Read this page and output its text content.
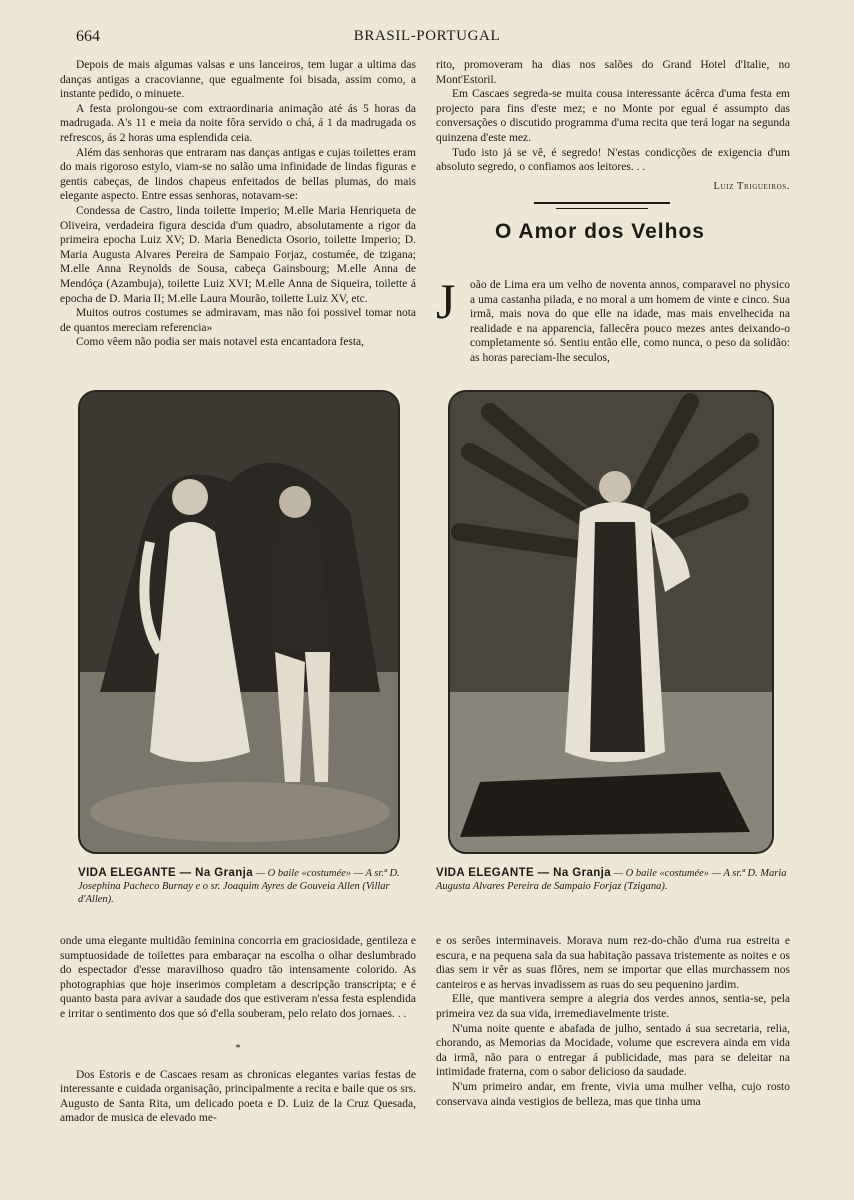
664	BRASIL-PORTUGAL

Depois de mais algumas valsas e uns lanceiros, tem lugar a ultima das danças antigas a cracovianne, que egualmente foi bisada, assim como, a instante pedido, o minuete.

A festa prolongou-se com extraordinaria animação até ás 5 horas da madrugada. A's 11 e meia da noite fôra servido o chá, á 1 da madrugada os refrescos, ás 2 horas uma esplendida ceia.

Além das senhoras que entraram nas danças antigas e cujas toilettes eram do mais rigoroso estylo, viam-se no salão uma infinidade de lindas figuras e gentis cabeças, de lindos chapeus enfeitados de bellas plumas, do mais elegante aspecto. Entre essas senhoras, notavam-se:

Condessa de Castro, linda toilette Imperio; M.elle Maria Henriqueta de Oliveira, verdadeira figura descida d'um quadro, absolutamente a rigor da primeira epocha Luiz XV; D. Maria Benedicta Osorio, toilette Imperio; D. Maria Augusta Alvares Pereira de Sampaio Forjaz, costumée, de tzigana; M.elle Anna Reynolds de Sousa, cabeça Gainsbourg; M.elle Anna de Mendóça (Azambuja), toilette Luiz XVI; M.elle Anna de Siqueira, toilette á epocha de D. Maria II; M.elle Laura Mourão, toilette Luiz XV, etc.

Muitos outros costumes se admiravam, mas não foi possivel tomar nota de quantos mereciam referencia»

Como vêem não podia ser mais notavel esta encantadora festa,

rito, promoveram ha dias nos salões do Grand Hotel d'Italie, no Mont'Estoril.

Em Cascaes segreda-se muita cousa interessante ácêrca d'uma festa em projecto para fins d'este mez; e no Monte por egual é assumpto das conversações o discutido programma d'uma recita que terá logar na segunda quinzena d'este mez.

Tudo isto já se vê, é segredo! N'estas condicções de exigencia d'um absoluto segredo, o confiamos aos leitores. . .

Luiz Trigueiros.
O Amor dos Velhos
J	oão de Lima era um velho de noventa annos, comparavel no physico a uma castanha pilada, e no moral a um homem de vinte e cinco. Sua irmã, mais nova do que elle na idade, mas mais envelhecida na realidade e na apparencia, fallecêra pouco mezes antes deixando-o completamente só. Sentiu então elle, como nunca, o peso da solidão: as horas pareciam-lhe seculos,

VIDA ELEGANTE — Na Granja — O baile «costumée» — A sr.ª D. Josephina Pacheco Burnay e o sr. Joaquim Ayres de Gouveia Allen (Villar d'Allen).
VIDA ELEGANTE — Na Granja — O baile «costumée» — A sr.ª D. Maria Augusta Alvares Pereira de Sampaio Forjaz (Tzigana).

onde uma elegante multidão feminina concorria em graciosidade, gentileza e sumptuosidade de toilettes para embaraçar na escolha o olhar deslumbrado do espectador d'esse maravilhoso quadro tão intensamente colorido. As photographias que hoje inserimos completam a descripção transcripta; e é quanto basta para avivar a saudade dos que estiveram n'essa festa esplendida e irritar o sentimento dos que só d'ella souberam, pelo relato dos jornaes. . .

*

Dos Estoris e de Cascaes resam as chronicas elegantes varias festas de interessante e cuidada organisação, principalmente a recita e baile que os srs. Augusto de Santa Rita, um delicado poeta e D. Luiz de la Cruz Quesada, amador de musica de elevado me-

e os serões interminaveis. Morava num rez-do-chão d'uma rua estreita e escura, e na pequena sala da sua habitação passava tristemente as noites e os dias sem ir vêr as suas flôres, nem se importar que ellas murchassem nos canteiros e as hervas invadissem as ruas do seu pequenino jardim.

Elle, que mantivera sempre a alegria dos verdes annos, sentia-se, pela primeira vez da sua vida, irremediavelmente triste.

N'uma noite quente e abafada de julho, sentado á sua secretaria, relia, chorando, as Memorias da Mocidade, volume que escrevera ainda em vida da irmã, não para o entregar á publicidade, mas para se deleitar na intimidade fraterna, com o sabor delicioso da saudade.

N'um primeiro andar, em frente, vivia uma mulher velha, cujo rosto conservava ainda vestigios de belleza, mas que tinha uma
